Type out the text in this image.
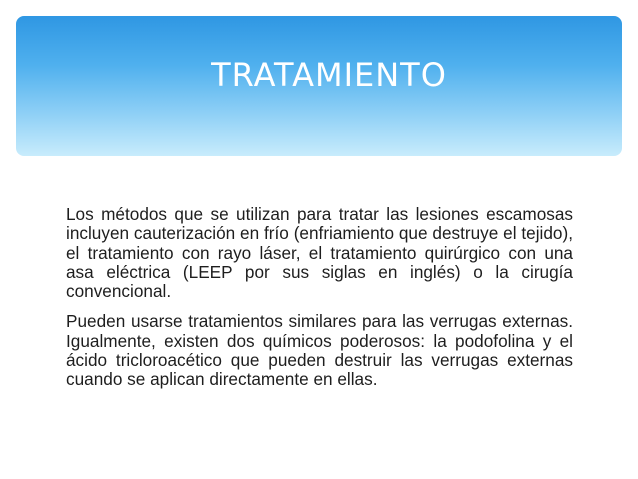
TRATAMIENTO

Los métodos que se utilizan para tratar las lesiones escamosas incluyen cauterización en frío (enfriamiento que destruye el tejido), el tratamiento con rayo láser, el tratamiento quirúrgico con una asa eléctrica (LEEP por sus siglas en inglés) o la cirugía convencional.

Pueden usarse tratamientos similares para las verrugas externas. Igualmente, existen dos químicos poderosos: la podofolina y el ácido tricloroacético que pueden destruir las verrugas externas cuando se aplican directamente en ellas.
